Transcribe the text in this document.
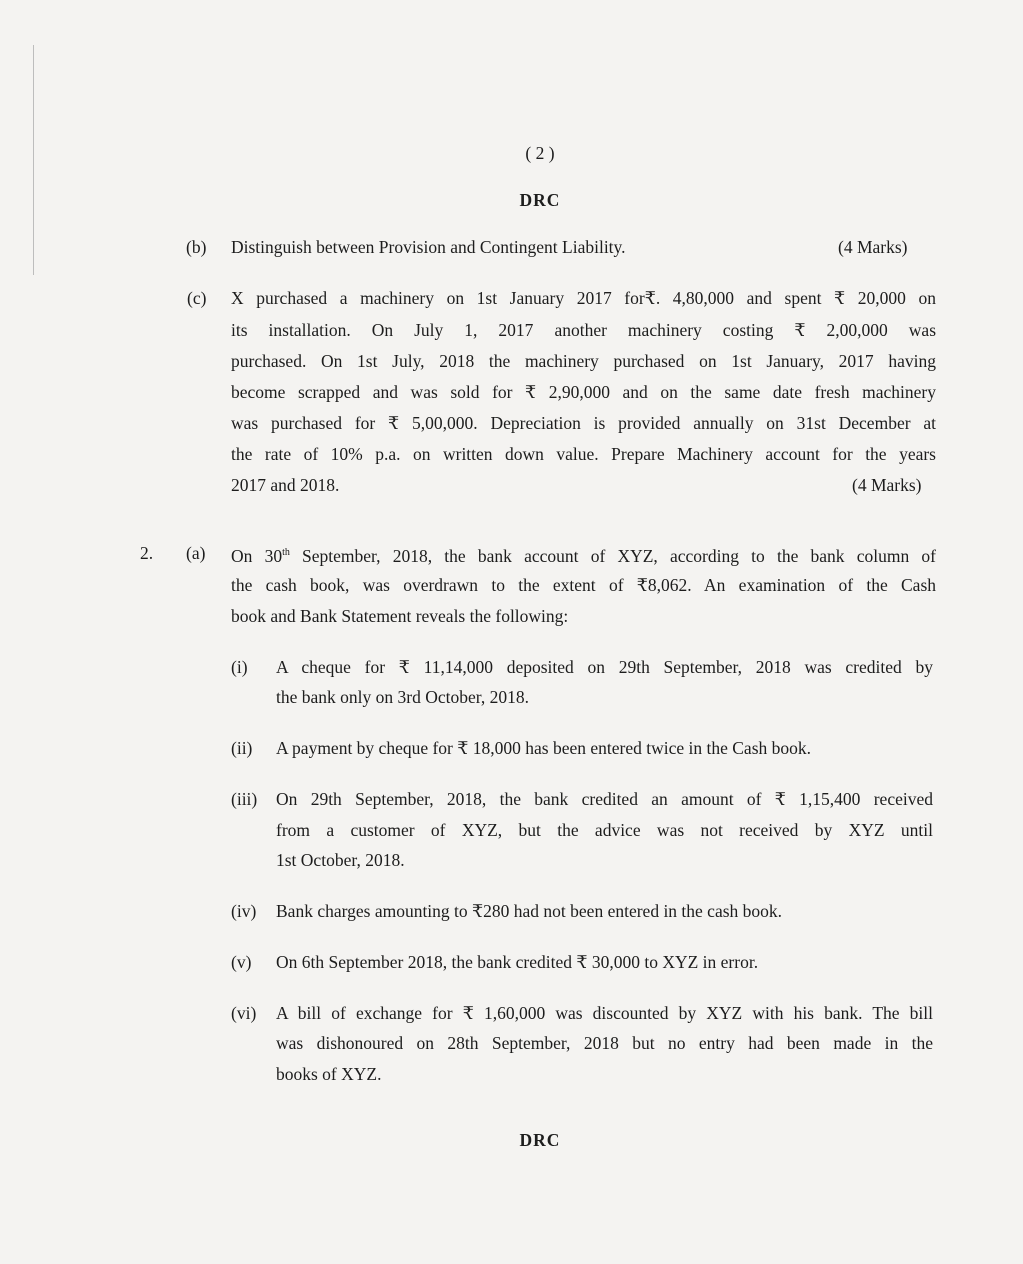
( 2 )
DRC
(b) Distinguish between Provision and Contingent Liability.	(4 Marks)
(c) X purchased a machinery on 1st January 2017 for₹. 4,80,000 and spent ₹ 20,000 on
its installation. On July 1, 2017 another machinery costing ₹ 2,00,000 was
purchased. On 1st July, 2018 the machinery purchased on 1st January, 2017 having
become scrapped and was sold for ₹ 2,90,000 and on the same date fresh machinery
was purchased for ₹ 5,00,000. Depreciation is provided annually on 31st December at
the rate of 10% p.a. on written down value. Prepare Machinery account for the years
2017 and 2018.	(4 Marks)
2. (a) On 30th September, 2018, the bank account of XYZ, according to the bank column of
the cash book, was overdrawn to the extent of ₹8,062. An examination of the Cash
book and Bank Statement reveals the following:
(i) A cheque for ₹ 11,14,000 deposited on 29th September, 2018 was credited by
the bank only on 3rd October, 2018.
(ii) A payment by cheque for ₹ 18,000 has been entered twice in the Cash book.
(iii) On 29th September, 2018, the bank credited an amount of ₹ 1,15,400 received
from a customer of XYZ, but the advice was not received by XYZ until
1st October, 2018.
(iv) Bank charges amounting to ₹280 had not been entered in the cash book.
(v) On 6th September 2018, the bank credited ₹ 30,000 to XYZ in error.
(vi) A bill of exchange for ₹ 1,60,000 was discounted by XYZ with his bank. The bill
was dishonoured on 28th September, 2018 but no entry had been made in the
books of XYZ.
DRC
